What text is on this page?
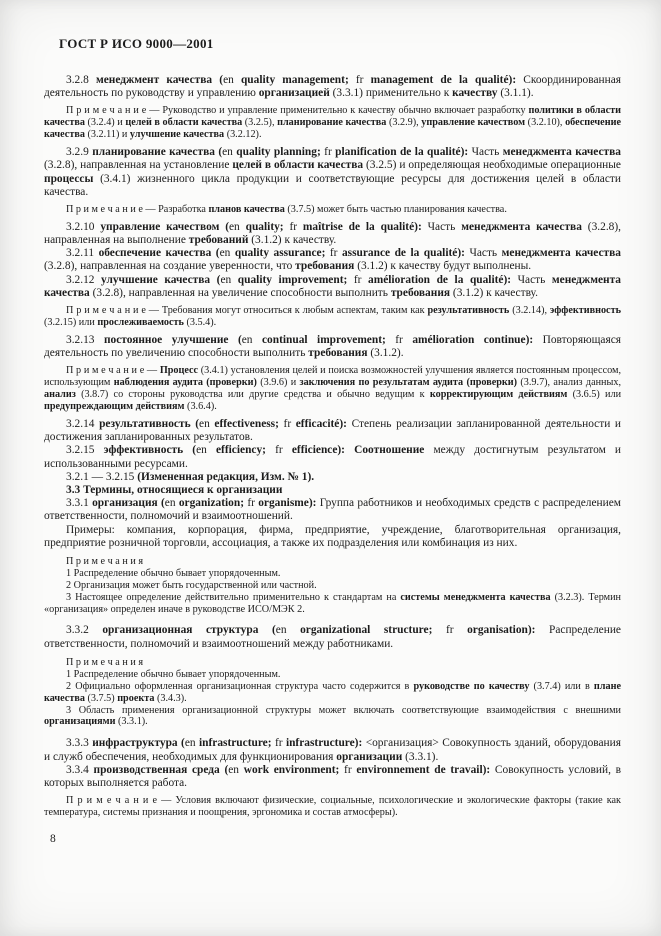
ГОСТ Р ИСО 9000—2001

3.2.8 менеджмент качества (en quality management; fr management de la qualité): Скоординированная деятельность по руководству и управлению организацией (3.3.1) применительно к качеству (3.1.1).

П р и м е ч а н и е — Руководство и управление применительно к качеству обычно включает разработку политики в области качества (3.2.4) и целей в области качества (3.2.5), планирование качества (3.2.9), управление качеством (3.2.10), обеспечение качества (3.2.11) и улучшение качества (3.2.12).

3.2.9 планирование качества (en quality planning; fr planification de la qualité): Часть менеджмента качества (3.2.8), направленная на установление целей в области качества (3.2.5) и определяющая необходимые операционные процессы (3.4.1) жизненного цикла продукции и соответствующие ресурсы для достижения целей в области качества.

П р и м е ч а н и е — Разработка планов качества (3.7.5) может быть частью планирования качества.

3.2.10 управление качеством (en quality; fr maîtrise de la qualité): Часть менеджмента качества (3.2.8), направленная на выполнение требований (3.1.2) к качеству.

3.2.11 обеспечение качества (en quality assurance; fr assurance de la qualité): Часть менеджмента качества (3.2.8), направленная на создание уверенности, что требования (3.1.2) к качеству будут выполнены.

3.2.12 улучшение качества (en quality improvement; fr amélioration de la qualité): Часть менеджмента качества (3.2.8), направленная на увеличение способности выполнить требования (3.1.2) к качеству.

П р и м е ч а н и е — Требования могут относиться к любым аспектам, таким как результативность (3.2.14), эффективность (3.2.15) или прослеживаемость (3.5.4).

3.2.13 постоянное улучшение (en continual improvement; fr amélioration continue): Повторяющаяся деятельность по увеличению способности выполнить требования (3.1.2).

П р и м е ч а н и е — Процесс (3.4.1) установления целей и поиска возможностей улучшения является постоянным процессом, использующим наблюдения аудита (проверки) (3.9.6) и заключения по результатам аудита (проверки) (3.9.7), анализ данных, анализ (3.8.7) со стороны руководства или другие средства и обычно ведущим к корректирующим действиям (3.6.5) или предупреждающим действиям (3.6.4).

3.2.14 результативность (en effectiveness; fr efficacité): Степень реализации запланированной деятельности и достижения запланированных результатов.

3.2.15 эффективность (en efficiency; fr efficience): Соотношение между достигнутым результатом и использованными ресурсами.

3.2.1 — 3.2.15 (Измененная редакция, Изм. № 1).

3.3 Термины, относящиеся к организации

3.3.1 организация (en organization; fr organisme): Группа работников и необходимых средств с распределением ответственности, полномочий и взаимоотношений.

Примеры: компания, корпорация, фирма, предприятие, учреждение, благотворительная организация, предприятие розничной торговли, ассоциация, а также их подразделения или комбинация из них.

П р и м е ч а н и я

1 Распределение обычно бывает упорядоченным.

2 Организация может быть государственной или частной.

3 Настоящее определение действительно применительно к стандартам на системы менеджмента качества (3.2.3). Термин «организация» определен иначе в руководстве ИСО/МЭК 2.

3.3.2 организационная структура (en organizational structure; fr organisation): Распределение ответственности, полномочий и взаимоотношений между работниками.

П р и м е ч а н и я

1 Распределение обычно бывает упорядоченным.

2 Официально оформленная организационная структура часто содержится в руководстве по качеству (3.7.4) или в плане качества (3.7.5) проекта (3.4.3).

3 Область применения организационной структуры может включать соответствующие взаимодействия с внешними организациями (3.3.1).

3.3.3 инфраструктура (en infrastructure; fr infrastructure): <организация> Совокупность зданий, оборудования и служб обеспечения, необходимых для функционирования организации (3.3.1).

3.3.4 производственная среда (en work environment; fr environnement de travail): Совокупность условий, в которых выполняется работа.

П р и м е ч а н и е — Условия включают физические, социальные, психологические и экологические факторы (такие как температура, системы признания и поощрения, эргономика и состав атмосферы).

8
